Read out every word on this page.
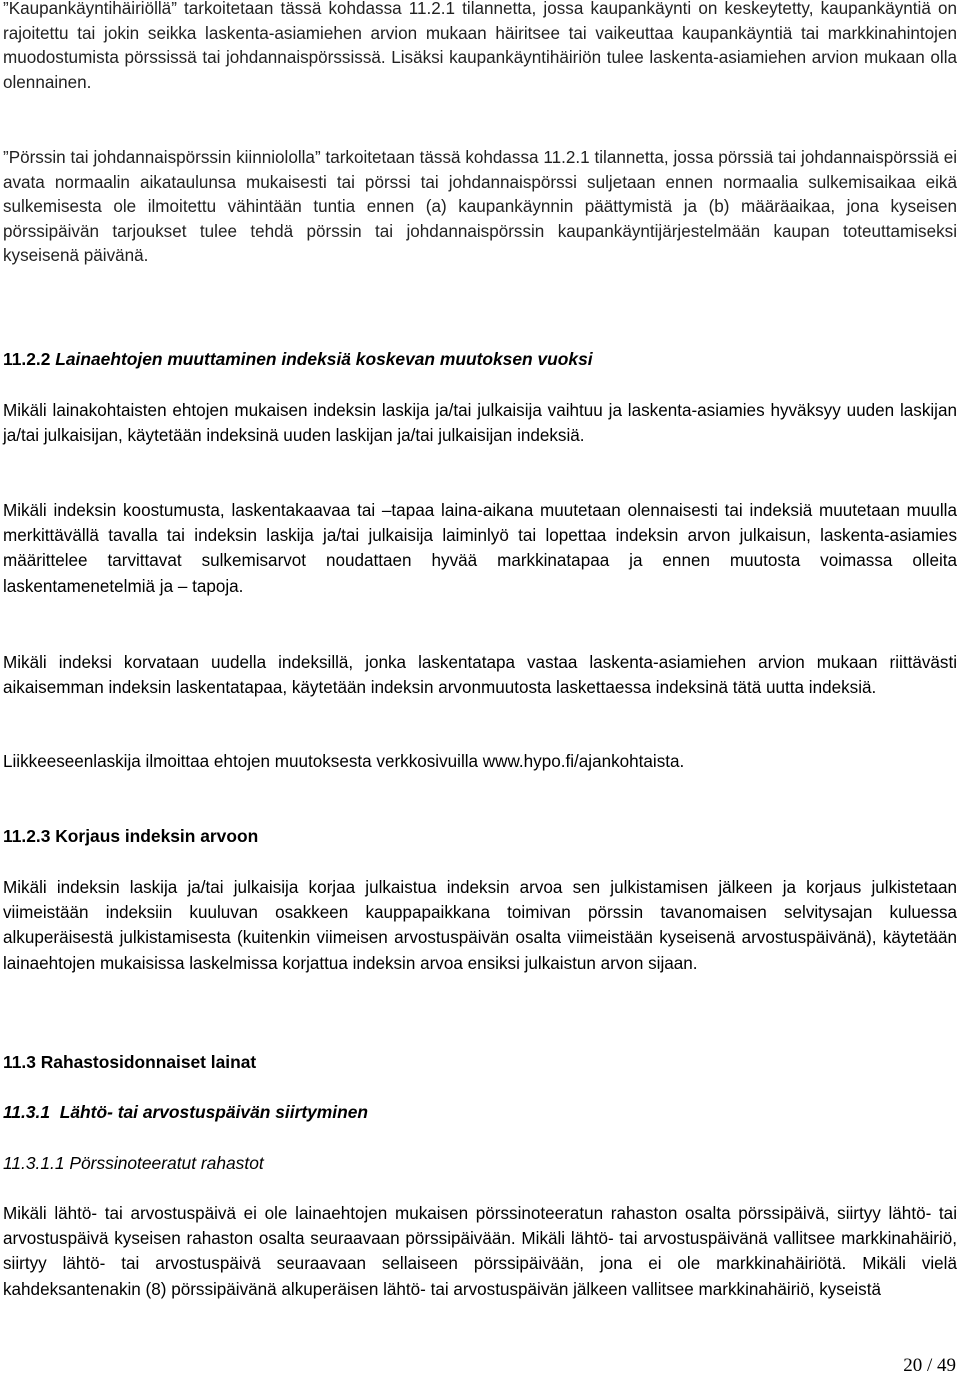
”Kaupankäyntihäiriöllä” tarkoitetaan tässä kohdassa 11.2.1 tilannetta, jossa kaupankäynti on keskeytetty, kaupankäyntiä on rajoitettu tai jokin seikka laskenta-asiamiehen arvion mukaan häiritsee tai vaikeuttaa kaupankäyntiä tai markkinahintojen muodostumista pörssissä tai johdannaispörssissä. Lisäksi kaupankäyntihäiriön tulee laskenta-asiamiehen arvion mukaan olla olennainen.

”Pörssin tai johdannaispörssin kiinniololla” tarkoitetaan tässä kohdassa 11.2.1 tilannetta, jossa pörssiä tai johdannaispörssiä ei avata normaalin aikataulunsa mukaisesti tai pörssi tai johdannaispörssi suljetaan ennen normaalia sulkemisaikaa eikä sulkemisesta ole ilmoitettu vähintään tuntia ennen (a) kaupankäynnin päättymistä ja (b) määräaikaa, jona kyseisen pörssipäivän tarjoukset tulee tehdä pörssin tai johdannaispörssin kaupankäyntijärjestelmään kaupan toteuttamiseksi kyseisenä päivänä.

11.2.2 Lainaehtojen muuttaminen indeksiä koskevan muutoksen vuoksi

Mikäli lainakohtaisten ehtojen mukaisen indeksin laskija ja/tai julkaisija vaihtuu ja laskenta-asiamies hyväksyy uuden laskijan ja/tai julkaisijan, käytetään indeksinä uuden laskijan ja/tai julkaisijan indeksiä.

Mikäli indeksin koostumusta, laskentakaavaa tai –tapaa laina-aikana muutetaan olennaisesti tai indeksiä muutetaan muulla merkittävällä tavalla tai indeksin laskija ja/tai julkaisija laiminlyö tai lopettaa indeksin arvon julkaisun, laskenta-asiamies määrittelee tarvittavat sulkemisarvot noudattaen hyvää markkinatapaa ja ennen muutosta voimassa olleita laskentamenetelmiä ja – tapoja.

Mikäli indeksi korvataan uudella indeksillä, jonka laskentatapa vastaa laskenta-asiamiehen arvion mukaan riittävästi aikaisemman indeksin laskentatapaa, käytetään indeksin arvonmuutosta laskettaessa indeksinä tätä uutta indeksiä.

Liikkeeseenlaskija ilmoittaa ehtojen muutoksesta verkkosivuilla www.hypo.fi/ajankohtaista.

11.2.3 Korjaus indeksin arvoon

Mikäli indeksin laskija ja/tai julkaisija korjaa julkaistua indeksin arvoa sen julkistamisen jälkeen ja korjaus julkistetaan viimeistään indeksiin kuuluvan osakkeen kauppapaikkana toimivan pörssin tavanomaisen selvitysajan kuluessa alkuperäisestä julkistamisesta (kuitenkin viimeisen arvostuspäivän osalta viimeistään kyseisenä arvostuspäivänä), käytetään lainaehtojen mukaisissa laskelmissa korjattua indeksin arvoa ensiksi julkaistun arvon sijaan.

11.3 Rahastosidonnaiset lainat

11.3.1 Lähtö- tai arvostuspäivän siirtyminen

11.3.1.1 Pörssinoteeratut rahastot

Mikäli lähtö- tai arvostuspäivä ei ole lainaehtojen mukaisen pörssinoteeratun rahaston osalta pörssipäivä, siirtyy lähtö- tai arvostuspäivä kyseisen rahaston osalta seuraavaan pörssipäivään. Mikäli lähtö- tai arvostuspäivänä vallitsee markkinahäiriö, siirtyy lähtö- tai arvostuspäivä seuraavaan sellaiseen pörssipäivään, jona ei ole markkinahäiriötä. Mikäli vielä kahdeksantenakin (8) pörssipäivänä alkuperäisen lähtö- tai arvostuspäivän jälkeen vallitsee markkinahäiriö, kyseistä

20 / 49
